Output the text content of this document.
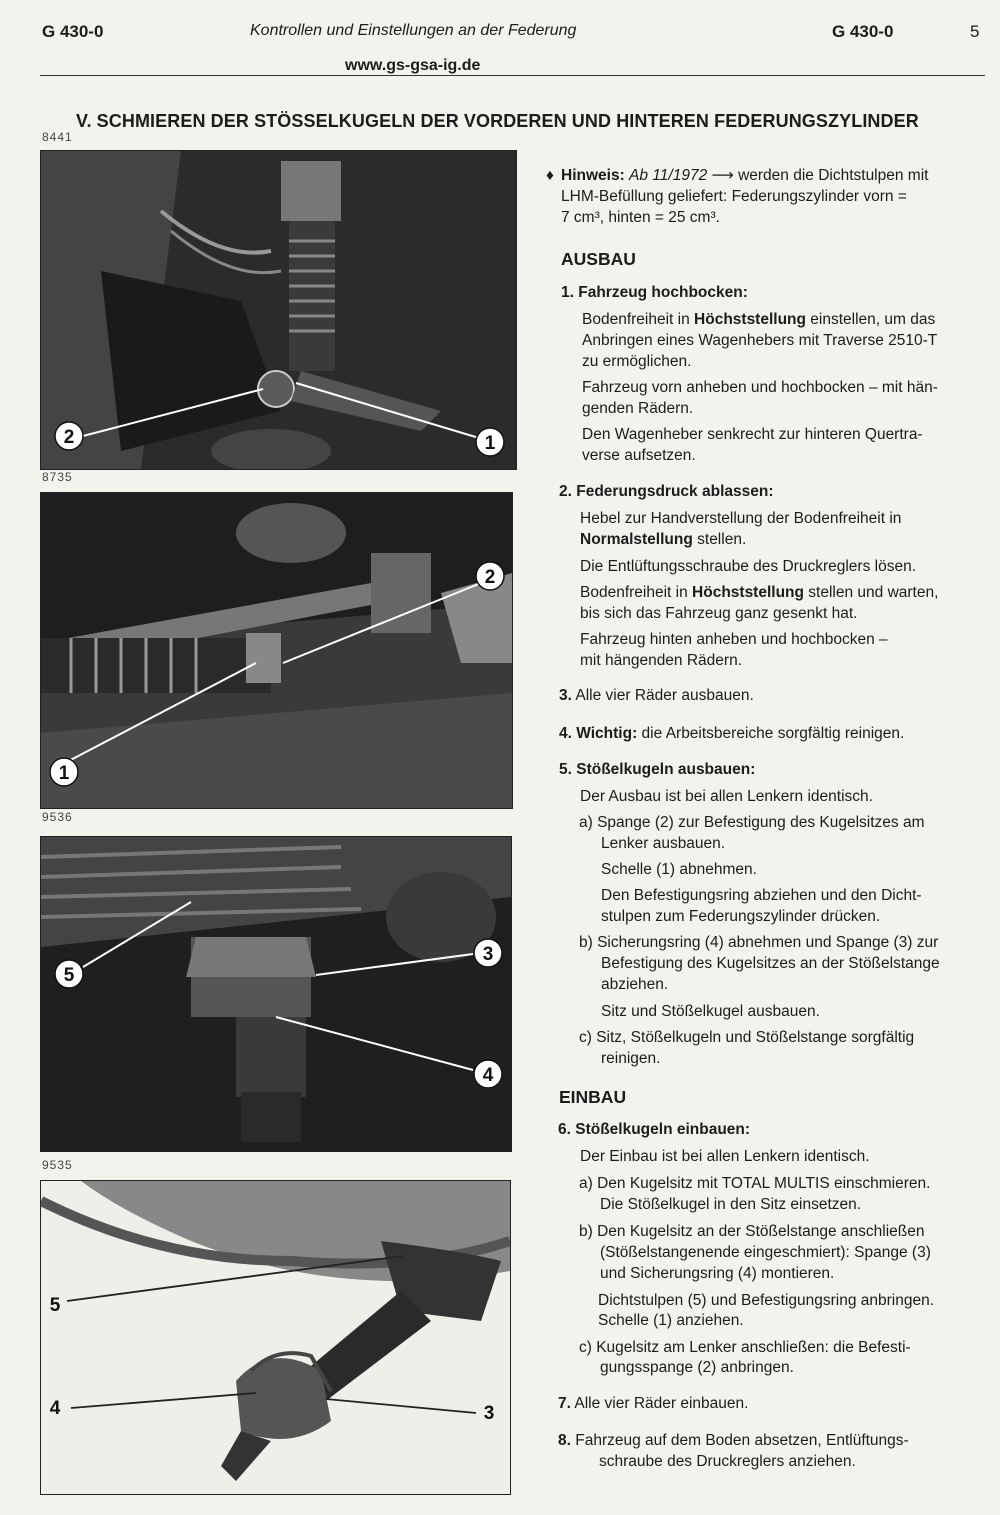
G 430-0	Kontrollen und Einstellungen an der Federung	G 430-0	5
www.gs-gsa-ig.de
V. SCHMIEREN DER STÖSSELKUGELN DER VORDEREN UND HINTEREN FEDERUNGSZYLINDER
8441
2	1
8735
1
2
9536
5
3
4
9535
5
4	3
♦ Hinweis: Ab 11/1972 ⟶ werden die Dichtstulpen mit
LHM-Befüllung geliefert: Federungszylinder vorn =
7 cm³, hinten = 25 cm³.
AUSBAU
1. Fahrzeug hochbocken:
Bodenfreiheit in Höchststellung einstellen, um das
Anbringen eines Wagenhebers mit Traverse 2510-T
zu ermöglichen.
Fahrzeug vorn anheben und hochbocken – mit hän-
genden Rädern.
Den Wagenheber senkrecht zur hinteren Quertra-
verse aufsetzen.
2. Federungsdruck ablassen:
Hebel zur Handverstellung der Bodenfreiheit in
Normalstellung stellen.
Die Entlüftungsschraube des Druckreglers lösen.
Bodenfreiheit in Höchststellung stellen und warten,
bis sich das Fahrzeug ganz gesenkt hat.
Fahrzeug hinten anheben und hochbocken –
mit hängenden Rädern.
3. Alle vier Räder ausbauen.
4. Wichtig: die Arbeitsbereiche sorgfältig reinigen.
5. Stößelkugeln ausbauen:
Der Ausbau ist bei allen Lenkern identisch.
a) Spange (2) zur Befestigung des Kugelsitzes am
Lenker ausbauen.
Schelle (1) abnehmen.
Den Befestigungsring abziehen und den Dicht-
stulpen zum Federungszylinder drücken.
b) Sicherungsring (4) abnehmen und Spange (3) zur
Befestigung des Kugelsitzes an der Stößelstange
abziehen.
Sitz und Stößelkugel ausbauen.
c) Sitz, Stößelkugeln und Stößelstange sorgfältig
reinigen.
EINBAU
6. Stößelkugeln einbauen:
Der Einbau ist bei allen Lenkern identisch.
a) Den Kugelsitz mit TOTAL MULTIS einschmieren.
Die Stößelkugel in den Sitz einsetzen.
b) Den Kugelsitz an der Stößelstange anschließen
(Stößelstangenende eingeschmiert): Spange (3)
und Sicherungsring (4) montieren.
Dichtstulpen (5) und Befestigungsring anbringen.
Schelle (1) anziehen.
c) Kugelsitz am Lenker anschließen: die Befesti-
gungsspange (2) anbringen.
7. Alle vier Räder einbauen.
8. Fahrzeug auf dem Boden absetzen, Entlüftungs-
schraube des Druckreglers anziehen.
